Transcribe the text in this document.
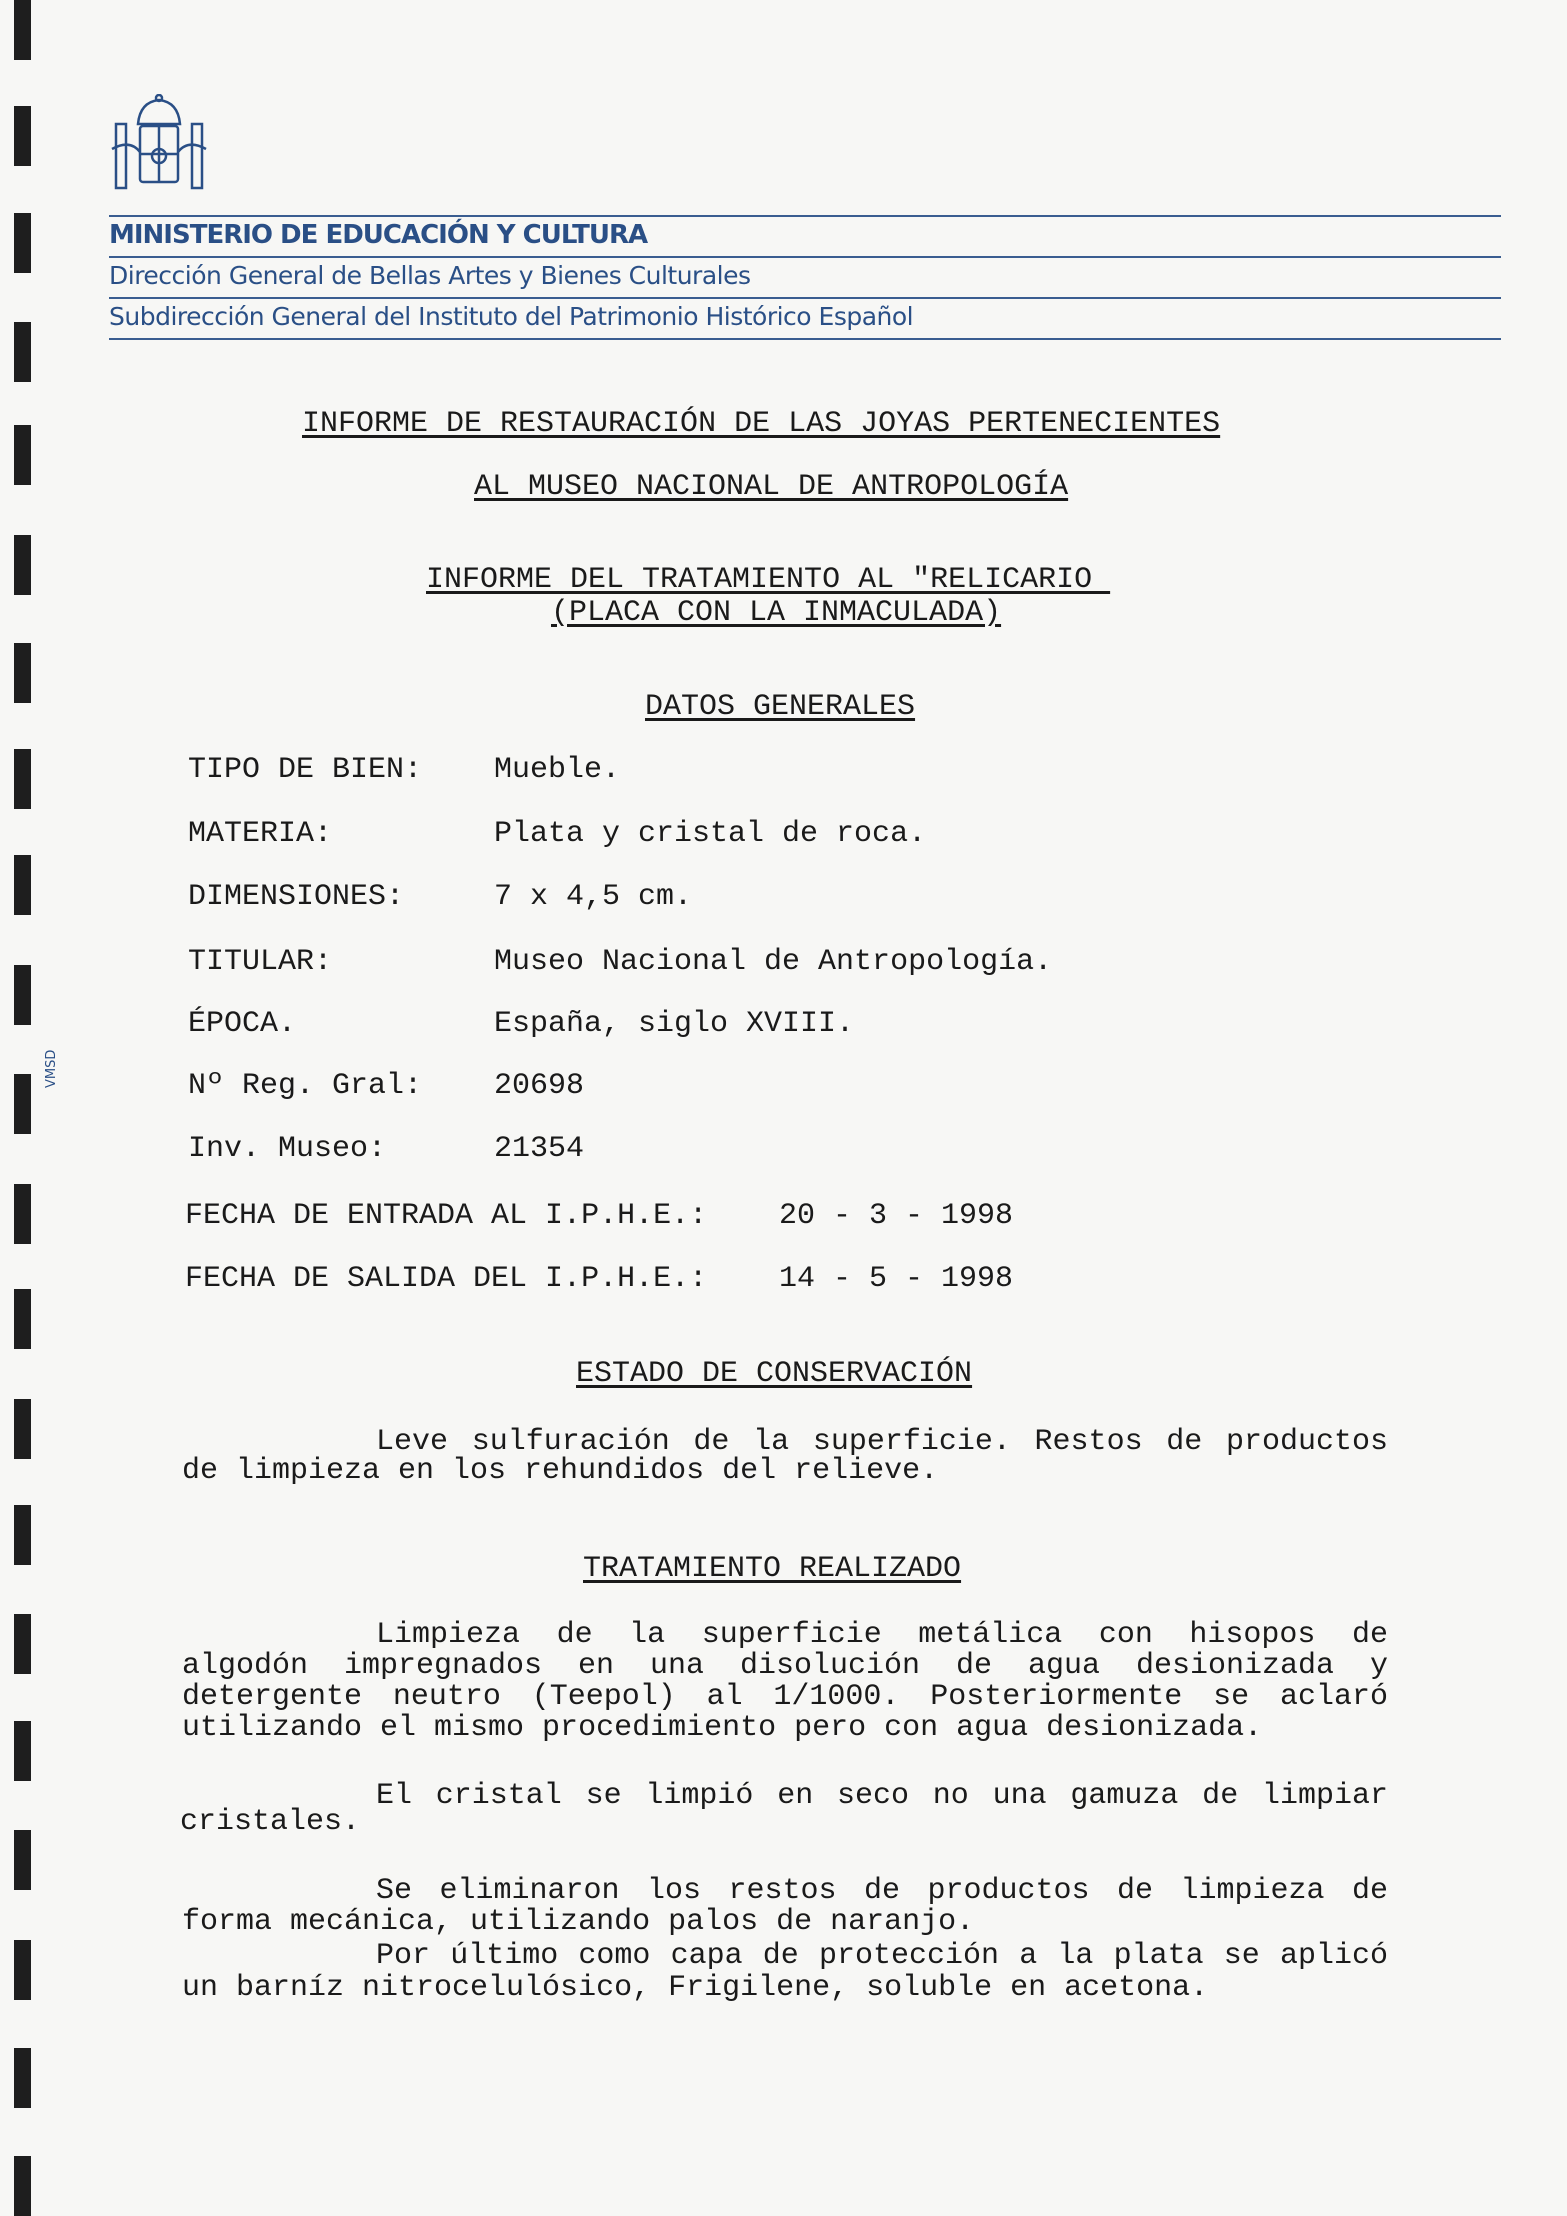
VMSD
MINISTERIO DE EDUCACIÓN Y CULTURA
Dirección General de Bellas Artes y Bienes Culturales
Subdirección General del Instituto del Patrimonio Histórico Español
INFORME DE RESTAURACIÓN DE LAS JOYAS PERTENECIENTES
AL MUSEO NACIONAL DE ANTROPOLOGÍA
INFORME DEL TRATAMIENTO AL "RELICARIO
(PLACA CON LA INMACULADA)
DATOS GENERALES
TIPO DE BIEN: Mueble.
MATERIA:	Plata y cristal de roca.
DIMENSIONES:	7 x 4,5 cm.
TITULAR:	Museo Nacional de Antropología.
ÉPOCA.	España, siglo XVIII.
Nº Reg. Gral: 20698
Inv. Museo:	21354
FECHA DE ENTRADA AL I.P.H.E.: 20 - 3 - 1998
FECHA DE SALIDA DEL I.P.H.E.: 14 - 5 - 1998
ESTADO DE CONSERVACIÓN
Leve sulfuración de la superficie. Restos de productos
de limpieza en los rehundidos del relieve.
TRATAMIENTO REALIZADO
Limpieza de la superficie metálica con hisopos de
algodón impregnados en una disolución de agua desionizada y
detergente neutro (Teepol) al 1/1000. Posteriormente se aclaró
utilizando el mismo procedimiento pero con agua desionizada.
El cristal se limpió en seco no una gamuza de limpiar
cristales.
Se eliminaron los restos de productos de limpieza de
forma mecánica, utilizando palos de naranjo.
Por último como capa de protección a la plata se aplicó
un barníz nitrocelulósico, Frigilene, soluble en acetona.
